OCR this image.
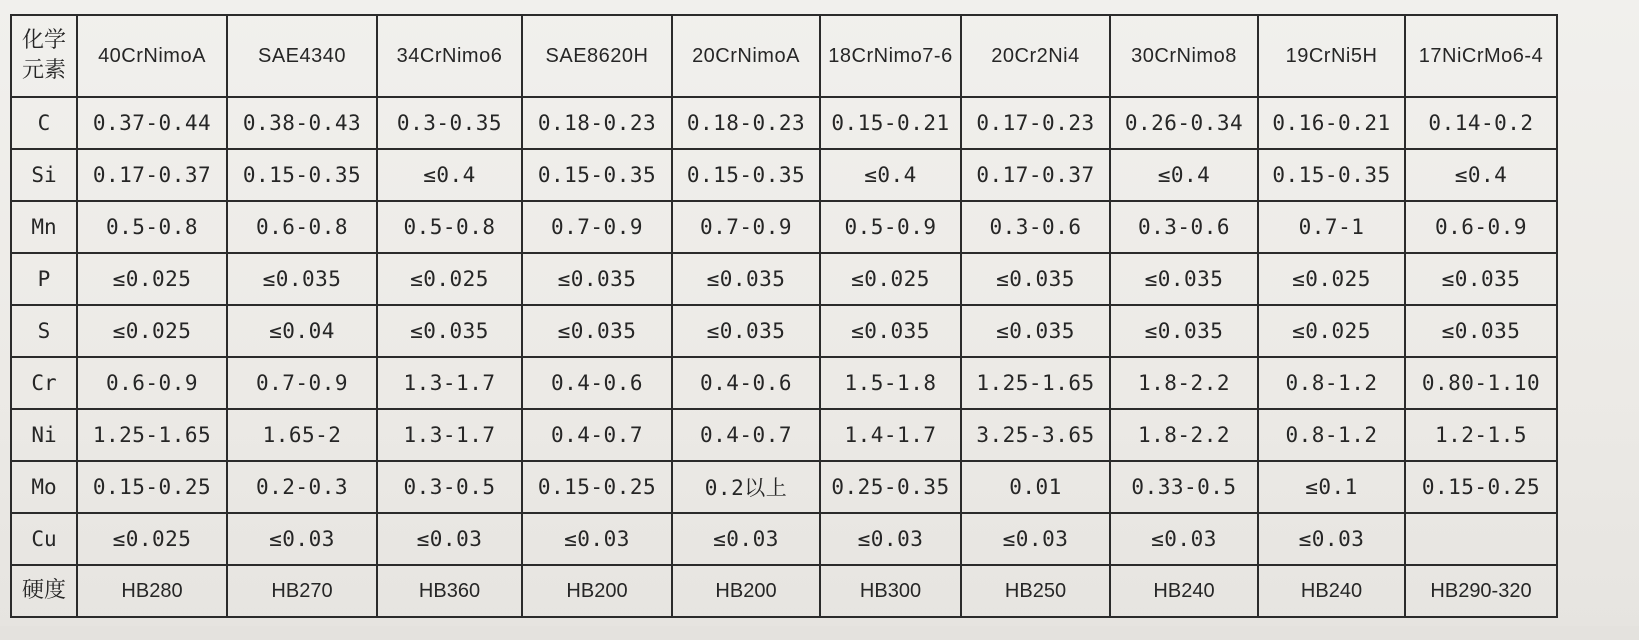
化学
元素	40CrNimoA	SAE4340	34CrNimo6	SAE8620H	20CrNimoA	18CrNimo7-6	20Cr2Ni4	30CrNimo8	19CrNi5H	17NiCrMo6-4
C	0.37-0.44	0.38-0.43	0.3-0.35	0.18-0.23	0.18-0.23	0.15-0.21	0.17-0.23	0.26-0.34	0.16-0.21	0.14-0.2
Si	0.17-0.37	0.15-0.35	≤0.4	0.15-0.35	0.15-0.35	≤0.4	0.17-0.37	≤0.4	0.15-0.35	≤0.4
Mn	0.5-0.8	0.6-0.8	0.5-0.8	0.7-0.9	0.7-0.9	0.5-0.9	0.3-0.6	0.3-0.6	0.7-1	0.6-0.9
P	≤0.025	≤0.035	≤0.025	≤0.035	≤0.035	≤0.025	≤0.035	≤0.035	≤0.025	≤0.035
S	≤0.025	≤0.04	≤0.035	≤0.035	≤0.035	≤0.035	≤0.035	≤0.035	≤0.025	≤0.035
Cr	0.6-0.9	0.7-0.9	1.3-1.7	0.4-0.6	0.4-0.6	1.5-1.8	1.25-1.65	1.8-2.2	0.8-1.2	0.80-1.10
Ni	1.25-1.65	1.65-2	1.3-1.7	0.4-0.7	0.4-0.7	1.4-1.7	3.25-3.65	1.8-2.2	0.8-1.2	1.2-1.5
Mo	0.15-0.25	0.2-0.3	0.3-0.5	0.15-0.25	0.2以上	0.25-0.35	0.01	0.33-0.5	≤0.1	0.15-0.25
Cu	≤0.025	≤0.03	≤0.03	≤0.03	≤0.03	≤0.03	≤0.03	≤0.03	≤0.03	
硬度	HB280	HB270	HB360	HB200	HB200	HB300	HB250	HB240	HB240	HB290-320
